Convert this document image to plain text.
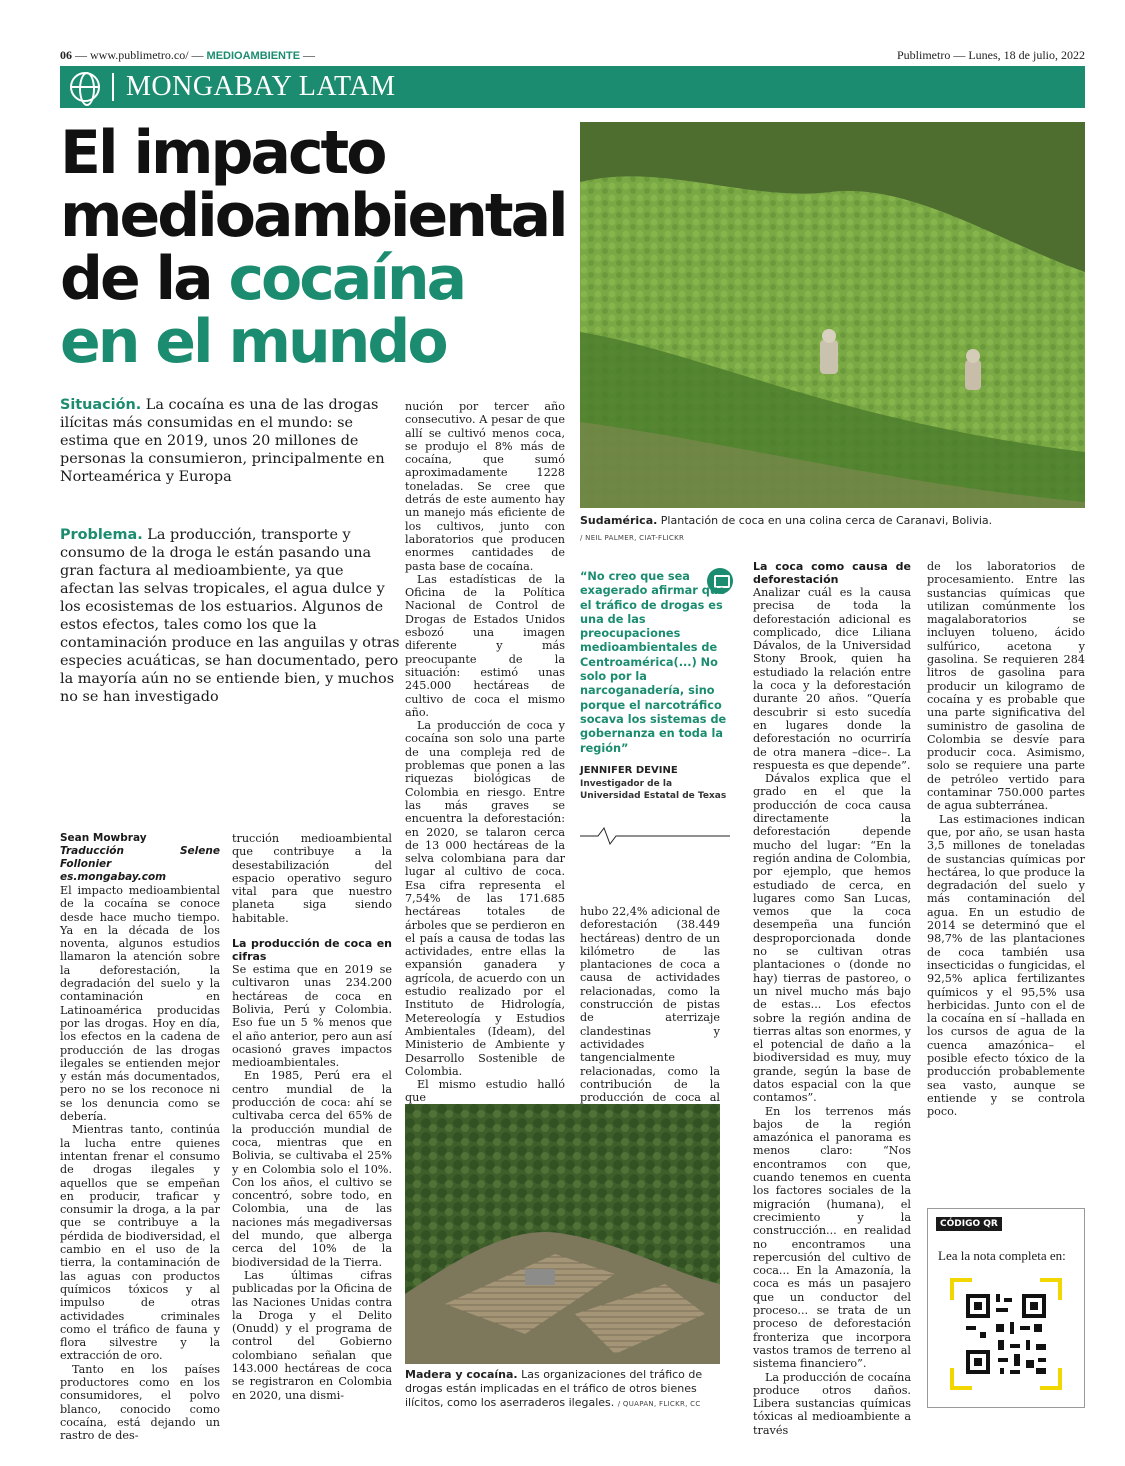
06 — www.publimetro.co/ — MEDIOAMBIENTE —	Publimetro — Lunes, 18 de julio, 2022
MONGABAY LATAM
El impacto
medioambiental
de la cocaína
en el mundo
Sudamérica. Plantación de coca en una colina cerca de Caranavi, Bolivia.
/ NEIL PALMER, CIAT-FLICKR
Situación. La cocaína es una de las drogas ilícitas más consumidas en el mundo: se estima que en 2019, unos 20 millones de personas la consumieron, principalmente en Norteamérica y Europa
Problema. La producción, transporte y consumo de la droga le están pasando una gran factura al medioambiente, ya que afectan las selvas tropicales, el agua dulce y los ecosistemas de los estuarios. Algunos de estos efectos, tales como los que la contaminación produce en las anguilas y otras especies acuáticas, se han documentado, pero la mayoría aún no se entiende bien, y muchos no se han investigado
Sean Mowbray
Traducción Selene Follonier
es.mongabay.com

El impacto medioambiental de la cocaína se conoce desde hace mucho tiempo. Ya en la década de los noventa, algunos estudios llamaron la atención sobre la deforestación, la degradación del suelo y la contaminación en Latinoamérica producidas por las drogas. Hoy en día, los efectos en la cadena de producción de las drogas ilegales se entienden mejor y están más documentados, pero no se los reconoce ni se los denuncia como se debería.

Mientras tanto, continúa la lucha entre quienes intentan frenar el consumo de drogas ilegales y aquellos que se empeñan en producir, traficar y consumir la droga, a la par que se contribuye a la pérdida de biodiversidad, el cambio en el uso de la tierra, la contaminación de las aguas con productos químicos tóxicos y al impulso de otras actividades criminales como el tráfico de fauna y flora silvestre y la extracción de oro.

Tanto en los países productores como en los consumidores, el polvo blanco, conocido como cocaína, está dejando un rastro de des-

trucción medioambiental que contribuye a la desestabilización del espacio operativo seguro vital para que nuestro planeta siga siendo habitable.

La producción de coca en cifras

Se estima que en 2019 se cultivaron unas 234.200 hectáreas de coca en Bolivia, Perú y Colombia. Eso fue un 5 % menos que el año anterior, pero aun así ocasionó graves impactos medioambientales.

En 1985, Perú era el centro mundial de la producción de coca: ahí se cultivaba cerca del 65% de la producción mundial de coca, mientras que en Bolivia, se cultivaba el 25% y en Colombia solo el 10%. Con los años, el cultivo se concentró, sobre todo, en Colombia, una de las naciones más megadiversas del mundo, que alberga cerca del 10% de la biodiversidad de la Tierra.

Las últimas cifras publicadas por la Oficina de las Naciones Unidas contra la Droga y el Delito (Onudd) y el programa de control del Gobierno colombiano señalan que 143.000 hectáreas de coca se registraron en Colombia en 2020, una dismi-

nución por tercer año consecutivo. A pesar de que allí se cultivó menos coca, se produjo el 8% más de cocaína, que sumó aproximadamente 1228 toneladas. Se cree que detrás de este aumento hay un manejo más eficiente de los cultivos, junto con laboratorios que producen enormes cantidades de pasta base de cocaína.

Las estadísticas de la Oficina de la Política Nacional de Control de Drogas de Estados Unidos esbozó una imagen diferente y más preocupante de la situación: estimó unas 245.000 hectáreas de cultivo de coca el mismo año.

La producción de coca y cocaína son solo una parte de una compleja red de problemas que ponen a las riquezas biológicas de Colombia en riesgo. Entre las más graves se encuentra la deforestación: en 2020, se talaron cerca de 13 000 hectáreas de la selva colombiana para dar lugar al cultivo de coca. Esa cifra representa el 7,54% de las 171.685 hectáreas totales de árboles que se perdieron en el país a causa de todas las actividades, entre ellas la expansión ganadera y agrícola, de acuerdo con un estudio realizado por el Instituto de Hidrología, Metereología y Estudios Ambientales (Ideam), del Ministerio de Ambiente y Desarrollo Sostenible de Colombia.

El mismo estudio halló que

“No creo que sea exagerado afirmar que el tráfico de drogas es una de las preocupaciones medioambientales de Centroamérica(...) No solo por la narcoganadería, sino porque el narcotráfico socava los sistemas de gobernanza en toda la región”
JENNIFER DEVINE
Investigador de la
Universidad Estatal de Texas

hubo 22,4% adicional de deforestación (38.449 hectáreas) dentro de un kilómetro de las plantaciones de coca a causa de actividades relacionadas, como la construcción de pistas de aterrizaje clandestinas y actividades tangencialmente relacionadas, como la contribución de la producción de coca al

Madera y cocaína. Las organizaciones del tráfico de drogas están implicadas en el tráfico de otros bienes ilícitos, como los aserraderos ilegales. / QUAPAN, FLICKR, CC
La coca como causa de deforestación

Analizar cuál es la causa precisa de toda la deforestación adicional es complicado, dice Liliana Dávalos, de la Universidad Stony Brook, quien ha estudiado la relación entre la coca y la deforestación durante 20 años. “Quería descubrir si esto sucedía en lugares donde la deforestación no ocurriría de otra manera –dice–. La respuesta es que depende”.

Dávalos explica que el grado en el que la producción de coca causa directamente la deforestación depende mucho del lugar: “En la región andina de Colombia, por ejemplo, que hemos estudiado de cerca, en lugares como San Lucas, vemos que la coca desempeña una función desproporcionada donde no se cultivan otras plantaciones o (donde no hay) tierras de pastoreo, o un nivel mucho más bajo de estas... Los efectos sobre la región andina de tierras altas son enormes, y el potencial de daño a la biodiversidad es muy, muy grande, según la base de datos espacial con la que contamos”.

En los terrenos más bajos de la región amazónica el panorama es menos claro: “Nos encontramos con que, cuando tenemos en cuenta los factores sociales de la migración (humana), el crecimiento y la construcción... en realidad no encontramos una repercusión del cultivo de coca... En la Amazonía, la coca es más un pasajero que un conductor del proceso... se trata de un proceso de deforestación fronteriza que incorpora vastos tramos de terreno al sistema financiero”.

La producción de cocaína produce otros daños. Libera sustancias químicas tóxicas al medioambiente a través

de los laboratorios de procesamiento. Entre las sustancias químicas que utilizan comúnmente los magalaboratorios se incluyen tolueno, ácido sulfúrico, acetona y gasolina. Se requieren 284 litros de gasolina para producir un kilogramo de cocaína y es probable que una parte significativa del suministro de gasolina de Colombia se desvíe para producir coca. Asimismo, solo se requiere una parte de petróleo vertido para contaminar 750.000 partes de agua subterránea.

Las estimaciones indican que, por año, se usan hasta 3,5 millones de toneladas de sustancias químicas por hectárea, lo que produce la degradación del suelo y más contaminación del agua. En un estudio de 2014 se determinó que el 98,7% de las plantaciones de coca también usa insecticidas o fungicidas, el 92,5% aplica fertilizantes químicos y el 95,5% usa herbicidas. Junto con el de la cocaína en sí –hallada en los cursos de agua de la cuenca amazónica– el posible efecto tóxico de la producción probablemente sea vasto, aunque se entiende y se controla poco.

CÓDIGO QR
Lea la nota completa en:
